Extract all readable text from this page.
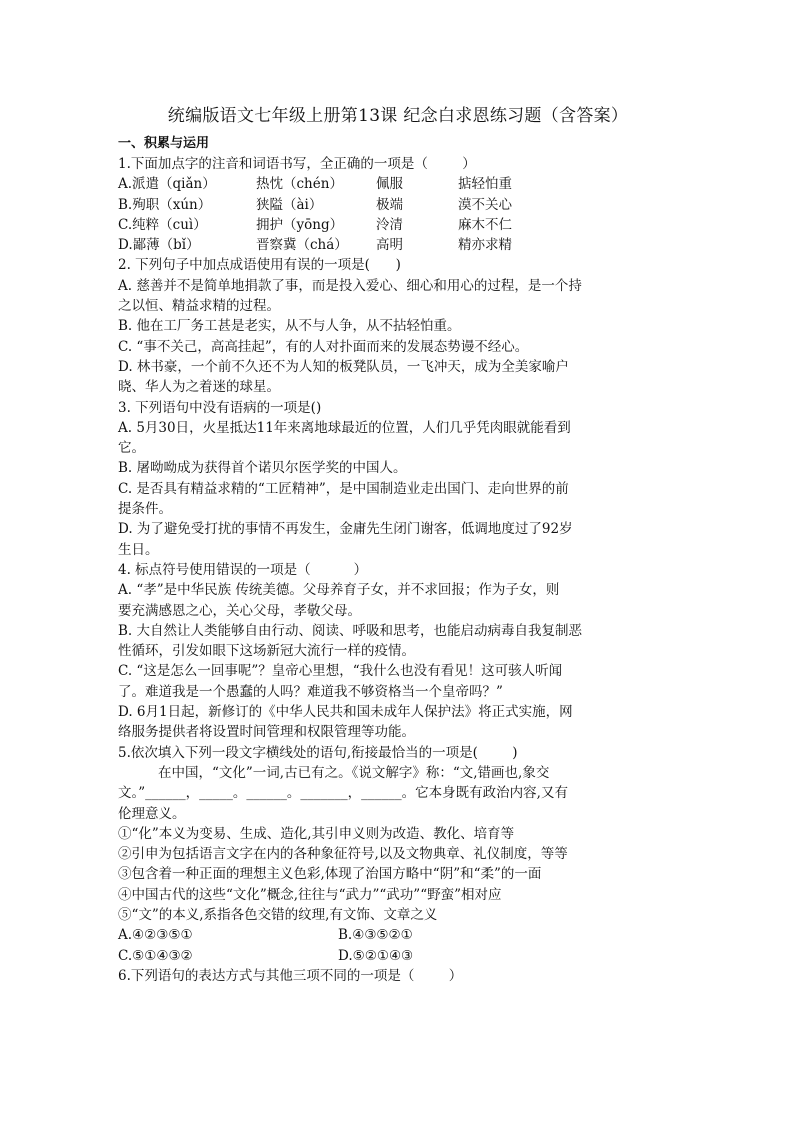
统编版语文七年级上册第13课 纪念白求恩练习题（含答案）

一、积累与运用

1.下面加点字的注音和词语书写，全正确的一项是（        ）

A.派遣（qiǎn）	热忱（chén）	佩服	掂轻怕重
B.殉职（xún）	狭隘（ài）	极端	漠不关心
C.纯粹（cuì）	拥护（yōng）	泠清	麻木不仁
D.鄙薄（bǐ）	晋察冀（chá）	高明	精亦求精

2. 下列句子中加点成语使用有误的一项是(      )

A. 慈善并不是简单地捐款了事，而是投入爱心、细心和用心的过程，是一个持

之以恒、精益求精的过程。

B. 他在工厂务工甚是老实，从不与人争，从不拈轻怕重。

C. “事不关己，高高挂起”，有的人对扑面而来的发展态势谩不经心。

D. 林书豪，一个前不久还不为人知的板凳队员，一飞冲天，成为全美家喻户

晓、华人为之着迷的球星。

3. 下列语句中没有语病的一项是()

A. 5月30日，火星抵达11年来离地球最近的位置，人们几乎凭肉眼就能看到

它。

B. 屠呦呦成为获得首个诺贝尔医学奖的中国人。

C. 是否具有精益求精的“工匠精神”，是中国制造业走出国门、走向世界的前

提条件。

D. 为了避免受打扰的事情不再发生，金庸先生闭门谢客，低调地度过了92岁

生日。

4. 标点符号使用错误的一项是（          ）

A. “孝”是中华民族 传统美德。父母养育子女，并不求回报；作为子女，则

要充满感恩之心，关心父母，孝敬父母。

B. 大自然让人类能够自由行动、阅读、呼吸和思考，也能启动病毒自我复制恶

性循环，引发如眼下这场新冠大流行一样的疫情。

C. “这是怎么一回事呢”？皇帝心里想，“我什么也没有看见！这可骇人听闻

了。难道我是一个愚蠢的人吗？难道我不够资格当一个皇帝吗？”

D. 6月1日起，新修订的《中华人民共和国未成年人保护法》将正式实施，网

络服务提供者将设置时间管理和权限管理等功能。

5.依次填入下列一段文字横线处的语句,衔接最恰当的一项是(        )

在中国，“文化”一词,古已有之。《说文解字》称：“文,错画也,象交

文。”______，_____。______。_______，______。它本身既有政治内容,又有

伦理意义。

①“化”本义为变易、生成、造化,其引申义则为改造、教化、培育等

②引申为包括语言文字在内的各种象征符号,以及文物典章、礼仪制度，等等

③包含着一种正面的理想主义色彩,体现了治国方略中“阴”和“柔”的一面

④中国古代的这些“文化”概念,往往与“武力”“武功”“野蛮”相对应

⑤“文”的本义,系指各色交错的纹理,有文饰、文章之义

A.④②③⑤①	B.④③⑤②①
C.⑤①④③②	D.⑤②①④③

6.下列语句的表达方式与其他三项不同的一项是（        ）
